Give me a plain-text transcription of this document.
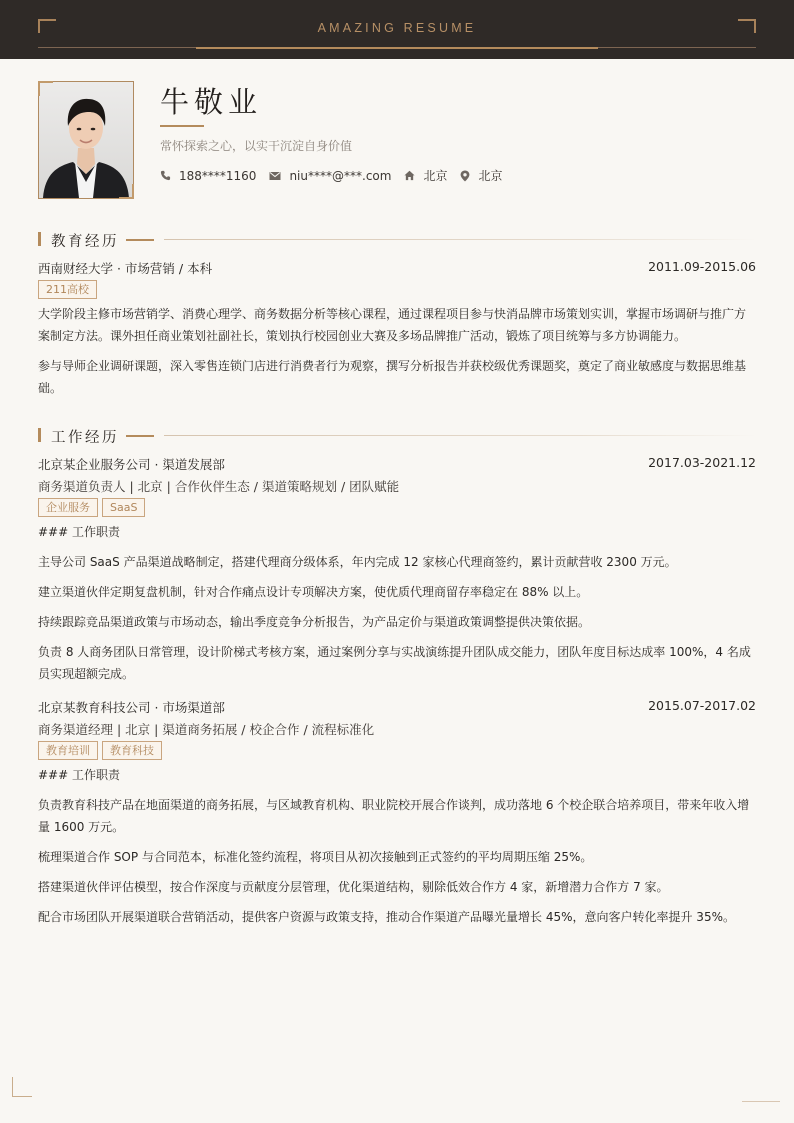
AMAZING RESUME
牛敬业
常怀探索之心，以实干沉淀自身价值
188****1160	niu****@***.com	北京	北京
教育经历
西南财经大学 · 市场营销 / 本科	2011.09-2015.06
211高校
大学阶段主修市场营销学、消费心理学、商务数据分析等核心课程，通过课程项目参与快消品牌市场策划实训，掌握市场调研与推广方案制定方法。课外担任商业策划社副社长，策划执行校园创业大赛及多场品牌推广活动，锻炼了项目统筹与多方协调能力。
参与导师企业调研课题，深入零售连锁门店进行消费者行为观察，撰写分析报告并获校级优秀课题奖，奠定了商业敏感度与数据思维基础。
工作经历
北京某企业服务公司 · 渠道发展部	2017.03-2021.12
商务渠道负责人 | 北京 | 合作伙伴生态 / 渠道策略规划 / 团队赋能
企业服务	SaaS
### 工作职责
主导公司 SaaS 产品渠道战略制定，搭建代理商分级体系，年内完成 12 家核心代理商签约，累计贡献营收 2300 万元。
建立渠道伙伴定期复盘机制，针对合作痛点设计专项解决方案，使优质代理商留存率稳定在 88% 以上。
持续跟踪竞品渠道政策与市场动态，输出季度竞争分析报告，为产品定价与渠道政策调整提供决策依据。
负责 8 人商务团队日常管理，设计阶梯式考核方案，通过案例分享与实战演练提升团队成交能力，团队年度目标达成率 100%，4 名成员实现超额完成。
北京某教育科技公司 · 市场渠道部	2015.07-2017.02
商务渠道经理 | 北京 | 渠道商务拓展 / 校企合作 / 流程标准化
教育培训	教育科技
### 工作职责
负责教育科技产品在地面渠道的商务拓展，与区域教育机构、职业院校开展合作谈判，成功落地 6 个校企联合培养项目，带来年收入增量 1600 万元。
梳理渠道合作 SOP 与合同范本，标准化签约流程，将项目从初次接触到正式签约的平均周期压缩 25%。
搭建渠道伙伴评估模型，按合作深度与贡献度分层管理，优化渠道结构，剔除低效合作方 4 家，新增潜力合作方 7 家。
配合市场团队开展渠道联合营销活动，提供客户资源与政策支持，推动合作渠道产品曝光量增长 45%，意向客户转化率提升 35%。
